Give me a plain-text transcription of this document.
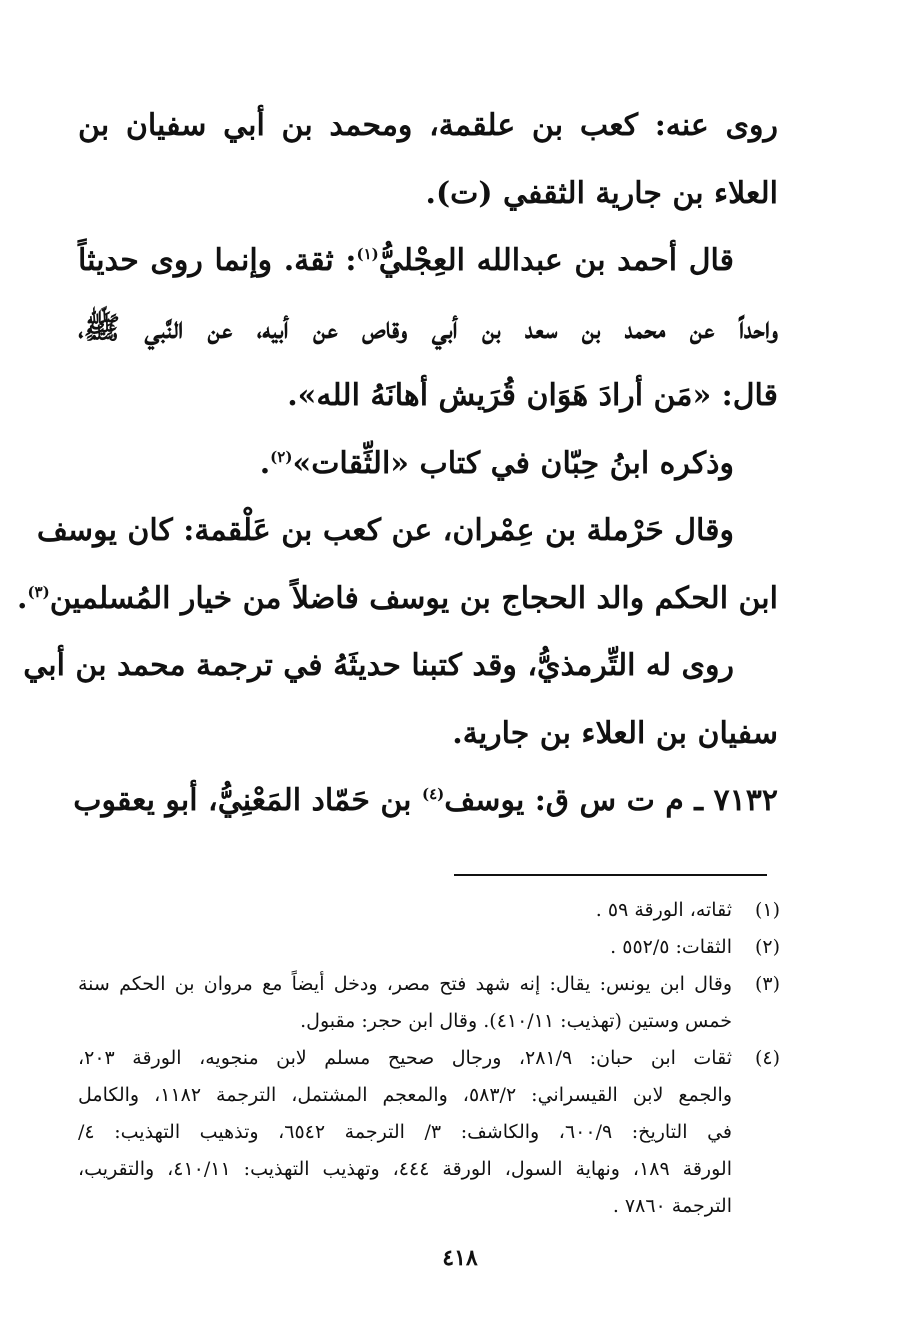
روى عنه: كعب بن علقمة، ومحمد بن أبي سفيان بن
العلاء بن جارية الثقفي (ت).
قال أحمد بن عبدالله العِجْليُّ$^{(١)}$: ثقة. وإنما روى حديثاً
واحداً عن محمد بن سعد بن أبي وقاص عن أبيه، عن النَّبي ﷺ،
قال: «مَن أرادَ هَوَان قُرَيش أهانَهُ الله».
وذكره ابنُ حِبّان في كتاب «الثِّقات»$^{(٢)}$.
وقال حَرْملة بن عِمْران، عن كعب بن عَلْقمة: كان يوسف
ابن الحكم والد الحجاج بن يوسف فاضلاً من خيار المُسلمين$^{(٣)}$.
روى له التِّرمذيُّ، وقد كتبنا حديثَهُ في ترجمة محمد بن أبي
سفيان بن العلاء بن جارية.
٧١٣٢ ـ م ت س ق: يوسف$^{(٤)}$ بن حَمّاد المَعْنِيُّ، أبو يعقوب
(١)
ثقاته، الورقة ٥٩ .
(٢)
الثقات: ٥٥٢/٥ .
(٣)
وقال ابن يونس: يقال: إنه شهد فتح مصر، ودخل أيضاً مع مروان بن الحكم سنة
خمس وستين (تهذيب: ٤١٠/١١). وقال ابن حجر: مقبول.
(٤)
ثقات ابن حبان: ٢٨١/٩، ورجال صحيح مسلم لابن منجويه، الورقة ٢٠٣،
والجمع لابن القيسراني: ٥٨٣/٢، والمعجم المشتمل، الترجمة ١١٨٢، والكامل
في التاريخ: ٦٠٠/٩، والكاشف: ٣/ الترجمة ٦٥٤٢، وتذهيب التهذيب: ٤/
الورقة ١٨٩، ونهاية السول، الورقة ٤٤٤، وتهذيب التهذيب: ٤١٠/١١، والتقريب،
الترجمة ٧٨٦٠ .
٤١٨
